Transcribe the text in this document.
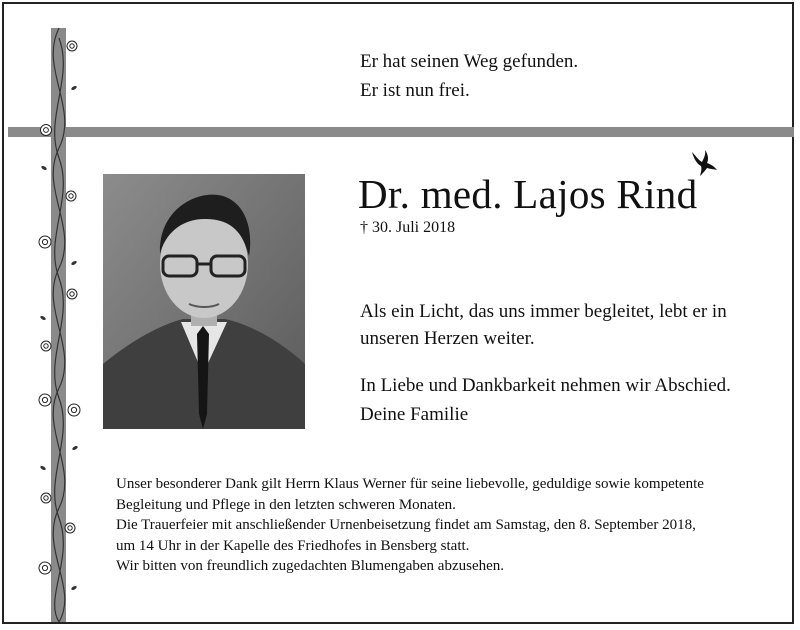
Er hat seinen Weg gefunden.
Er ist nun frei.
Dr. med. Lajos Rind
† 30. Juli 2018
Als ein Licht, das uns immer begleitet, lebt er in
unseren Herzen weiter.
In Liebe und Dankbarkeit nehmen wir Abschied.
Deine Familie

Unser besonderer Dank gilt Herrn Klaus Werner für seine liebevolle, geduldige sowie kompetente

Begleitung und Pflege in den letzten schweren Monaten.

Die Trauerfeier mit anschließender Urnenbeisetzung findet am Samstag, den 8. September 2018,

um 14 Uhr in der Kapelle des Friedhofes in Bensberg statt.

Wir bitten von freundlich zugedachten Blumengaben abzusehen.
